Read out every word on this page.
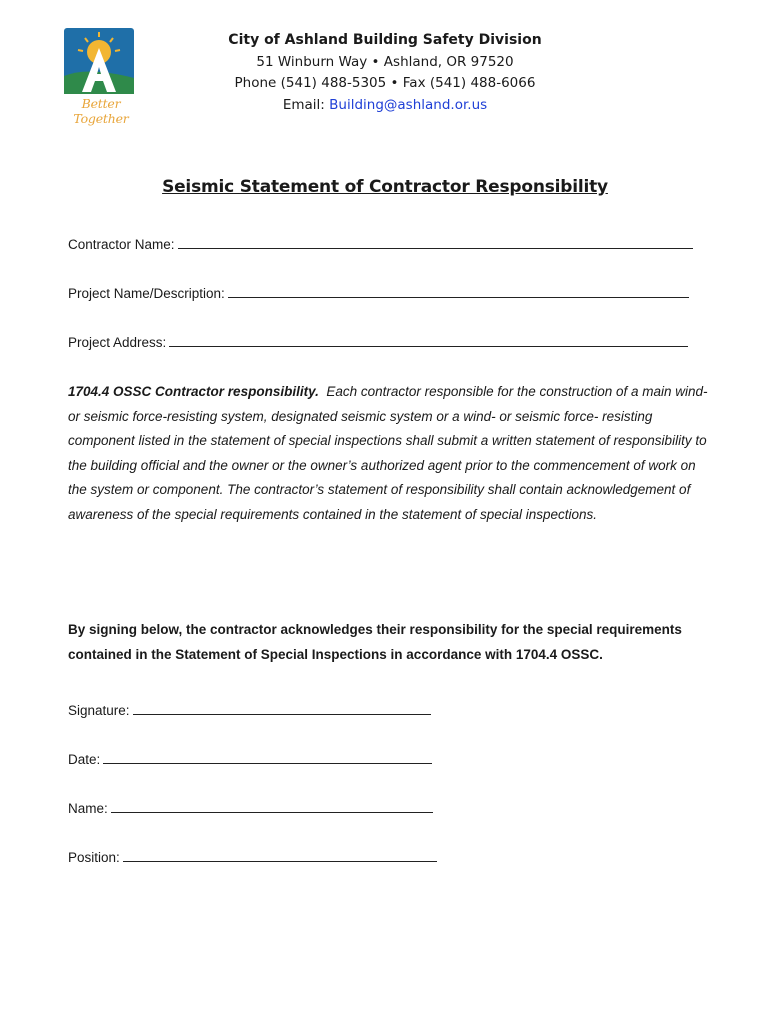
Better Together
City of Ashland Building Safety Division
51 Winburn Way • Ashland, OR 97520
Phone (541) 488-5305 • Fax (541) 488-6066
Email: Building@ashland.or.us
Seismic Statement of Contractor Responsibility
Contractor Name:
Project Name/Description:
Project Address:
1704.4 OSSC Contractor responsibility. Each contractor responsible for the construction of a main wind-or seismic force-resisting system, designated seismic system or a wind- or seismic force- resisting component listed in the statement of special inspections shall submit a written statement of responsibility to the building official and the owner or the owner’s authorized agent prior to the commencement of work on the system or component. The contractor’s statement of responsibility shall contain acknowledgement of awareness of the special requirements contained in the statement of special inspections.
By signing below, the contractor acknowledges their responsibility for the special requirements contained in the Statement of Special Inspections in accordance with 1704.4 OSSC.
Signature:
Date:
Name:
Position:
